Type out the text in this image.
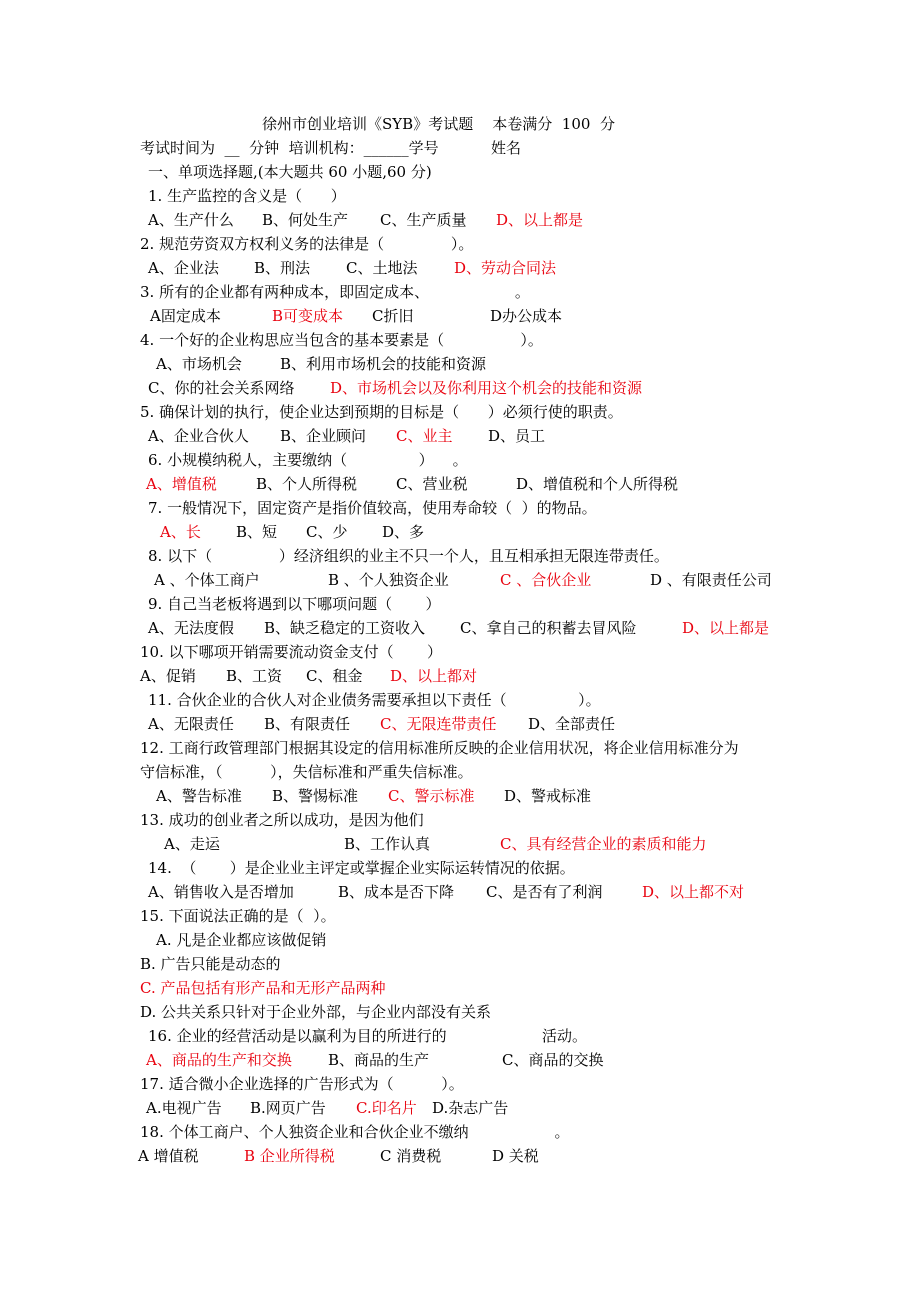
徐州市创业培训《SYB》考试题    本卷满分  100  分
考试时间为  __  分钟  培训机构：______学号           姓名
一、单项选择题,(本大题共 60 小题,60 分)
1. 生产监控的含义是（      ）

A、生产什么

B、何处生产

C、生产质量

D、以上都是

2. 规范劳资双方权利义务的法律是（              ）。

A、企业法

B、刑法

C、土地法

D、劳动合同法

3. 所有的企业都有两种成本，即固定成本、                  。

A固定成本

	B可变成本

C折旧

	D办公成本

4. 一个好的企业构思应当包含的基本要素是（                ）。

A、市场机会

	B、利用市场机会的技能和资源

C、你的社会关系网络

D、市场机会以及你利用这个机会的技能和资源

5. 确保计划的执行，使企业达到预期的目标是（      ）必须行使的职责。

A、企业合伙人

B、企业顾问

C、业主

D、员工

6. 小规模纳税人，主要缴纳（               ）    。

A、增值税

	B、个人所得税

	C、营业税

	D、增值税和个人所得税

7. 一般情况下，固定资产是指价值较高，使用寿命较（  ）的物品。

A、长

B、短

C、少

D、多

8. 以下（              ）经济组织的业主不只一个人，且互相承担无限连带责任。

A 、个体工商户

	B 、个人独资企业

	C 、合伙企业

	D 、有限责任公司

9. 自己当老板将遇到以下哪项问题（       ）

A、无法度假

B、缺乏稳定的工资收入

C、拿自己的积蓄去冒风险

	D、以上都是

10. 以下哪项开销需要流动资金支付（       ）

A、促销

B、工资

C、租金

D、以上都对

11. 合伙企业的合伙人对企业债务需要承担以下责任（               ）。

A、无限责任

B、有限责任

C、无限连带责任

D、全部责任

12. 工商行政管理部门根据其设定的信用标准所反映的企业信用状况，将企业信用标准分为
守信标准，（          ），失信标准和严重失信标准。

A、警告标准

B、警惕标准

C、警示标准

D、警戒标准

13. 成功的创业者之所以成功，是因为他们

A、走运

	B、工作认真

	C、具有经营企业的素质和能力

14.  （       ）是企业业主评定或掌握企业实际运转情况的依据。

A、销售收入是否增加

	B、成本是否下降

C、是否有了利润

	D、以上都不对

15. 下面说法正确的是（  ）。
A. 凡是企业都应该做促销
B. 广告只能是动态的
C. 产品包括有形产品和无形产品两种
D. 公共关系只针对于企业外部，与企业内部没有关系
16. 企业的经营活动是以赢利为目的所进行的                    活动。

A、商品的生产和交换

B、商品的生产

	C、商品的交换

17. 适合微小企业选择的广告形式为（          ）。

A.电视广告

B.网页广告

C.印名片

D.杂志广告

18. 个体工商户、个人独资企业和合伙企业不缴纳                  。

A 增值税

	B 企业所得税

	C 消费税

	D 关税
